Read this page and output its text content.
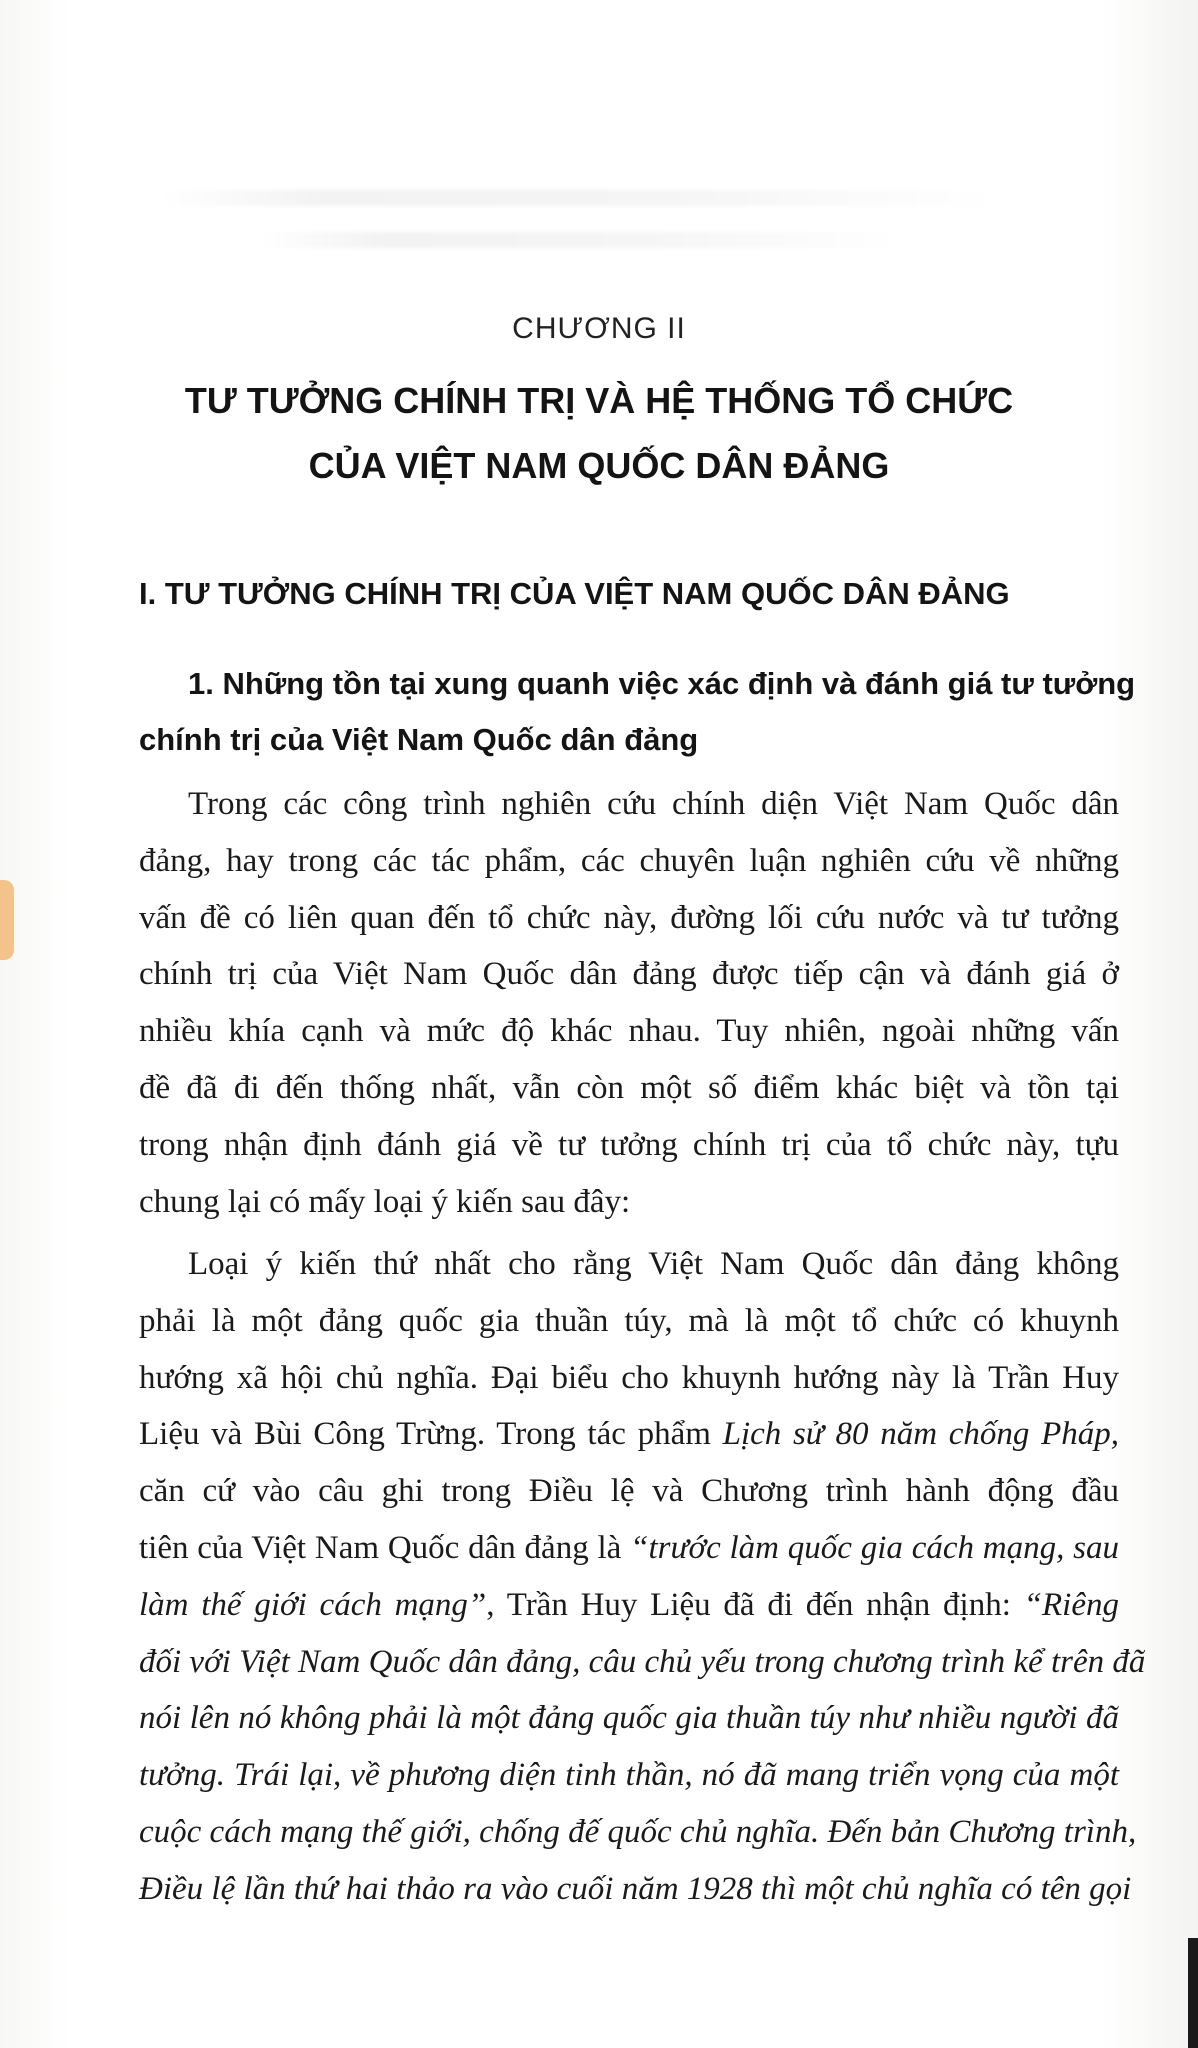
CHƯƠNG II
TƯ TƯỞNG CHÍNH TRỊ VÀ HỆ THỐNG TỔ CHỨC
CỦA VIỆT NAM QUỐC DÂN ĐẢNG
I. TƯ TƯỞNG CHÍNH TRỊ CỦA VIỆT NAM QUỐC DÂN ĐẢNG
1. Những tồn tại xung quanh việc xác định và đánh giá tư tưởng
chính trị của Việt Nam Quốc dân đảng
Trong các công trình nghiên cứu chính diện Việt Nam Quốc dân
đảng, hay trong các tác phẩm, các chuyên luận nghiên cứu về những
vấn đề có liên quan đến tổ chức này, đường lối cứu nước và tư tưởng
chính trị của Việt Nam Quốc dân đảng được tiếp cận và đánh giá ở
nhiều khía cạnh và mức độ khác nhau. Tuy nhiên, ngoài những vấn
đề đã đi đến thống nhất, vẫn còn một số điểm khác biệt và tồn tại
trong nhận định đánh giá về tư tưởng chính trị của tổ chức này, tựu
chung lại có mấy loại ý kiến sau đây:
Loại ý kiến thứ nhất cho rằng Việt Nam Quốc dân đảng không
phải là một đảng quốc gia thuần túy, mà là một tổ chức có khuynh
hướng xã hội chủ nghĩa. Đại biểu cho khuynh hướng này là Trần Huy
Liệu và Bùi Công Trừng. Trong tác phẩm Lịch sử 80 năm chống Pháp,
căn cứ vào câu ghi trong Điều lệ và Chương trình hành động đầu
tiên của Việt Nam Quốc dân đảng là “trước làm quốc gia cách mạng, sau
làm thế giới cách mạng”, Trần Huy Liệu đã đi đến nhận định: “Riêng
đối với Việt Nam Quốc dân đảng, câu chủ yếu trong chương trình kể trên đã
nói lên nó không phải là một đảng quốc gia thuần túy như nhiều người đã
tưởng. Trái lại, về phương diện tinh thần, nó đã mang triển vọng của một
cuộc cách mạng thế giới, chống đế quốc chủ nghĩa. Đến bản Chương trình,
Điều lệ lần thứ hai thảo ra vào cuối năm 1928 thì một chủ nghĩa có tên gọi
